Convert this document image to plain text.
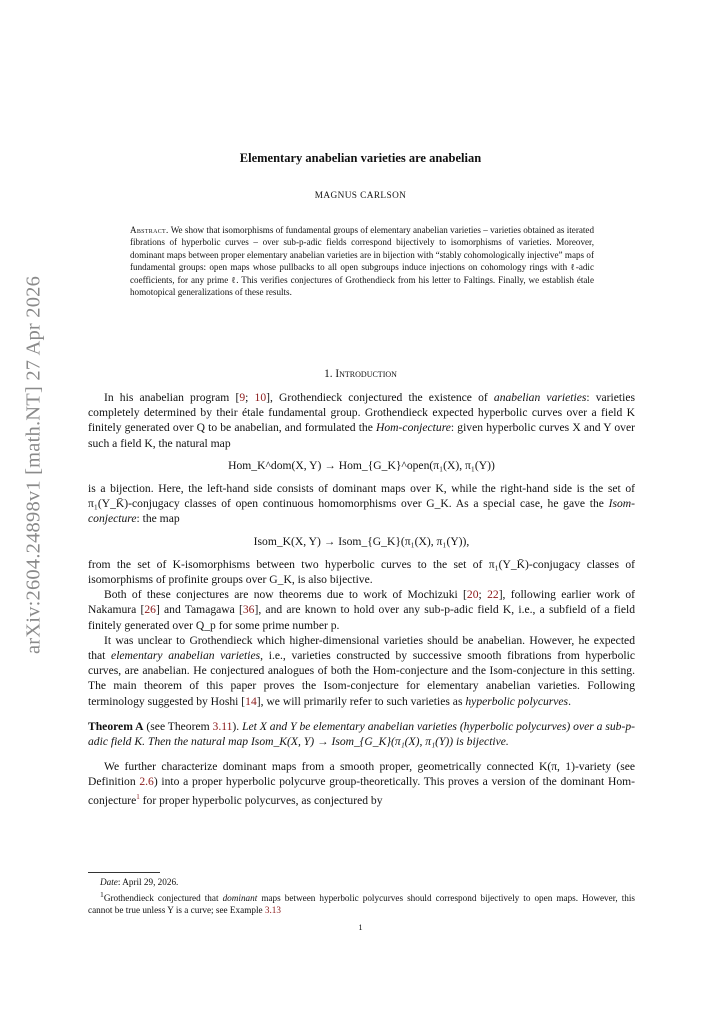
arXiv:2604.24898v1 [math.NT] 27 Apr 2026
Elementary anabelian varieties are anabelian
MAGNUS CARLSON
Abstract. We show that isomorphisms of fundamental groups of elementary anabelian varieties – varieties obtained as iterated fibrations of hyperbolic curves – over sub-p-adic fields correspond bijectively to isomorphisms of varieties. Moreover, dominant maps between proper elementary anabelian varieties are in bijection with “stably cohomologically injective” maps of fundamental groups: open maps whose pullbacks to all open subgroups induce injections on cohomology rings with ℓ-adic coefficients, for any prime ℓ. This verifies conjectures of Grothendieck from his letter to Faltings. Finally, we establish étale homotopical generalizations of these results.
1. Introduction

In his anabelian program [9; 10], Grothendieck conjectured the existence of anabelian varieties: varieties completely determined by their étale fundamental group. Grothendieck expected hyperbolic curves over a field K finitely generated over Q to be anabelian, and formulated the Hom-conjecture: given hyperbolic curves X and Y over such a field K, the natural map

Hom_K^dom(X, Y) → Hom_{G_K}^open(π₁(X), π₁(Y))

is a bijection. Here, the left-hand side consists of dominant maps over K, while the right-hand side is the set of π₁(Y_K̄)-conjugacy classes of open continuous homomorphisms over G_K. As a special case, he gave the Isom-conjecture: the map

Isom_K(X, Y) → Isom_{G_K}(π₁(X), π₁(Y)),

from the set of K-isomorphisms between two hyperbolic curves to the set of π₁(Y_K̄)-conjugacy classes of isomorphisms of profinite groups over G_K, is also bijective.

Both of these conjectures are now theorems due to work of Mochizuki [20; 22], following earlier work of Nakamura [26] and Tamagawa [36], and are known to hold over any sub-p-adic field K, i.e., a subfield of a field finitely generated over Q_p for some prime number p.

It was unclear to Grothendieck which higher-dimensional varieties should be anabelian. However, he expected that elementary anabelian varieties, i.e., varieties constructed by successive smooth fibrations from hyperbolic curves, are anabelian. He conjectured analogues of both the Hom-conjecture and the Isom-conjecture in this setting. The main theorem of this paper proves the Isom-conjecture for elementary anabelian varieties. Following terminology suggested by Hoshi [14], we will primarily refer to such varieties as hyperbolic polycurves.

Theorem A (see Theorem 3.11). Let X and Y be elementary anabelian varieties (hyperbolic polycurves) over a sub-p-adic field K. Then the natural map Isom_K(X, Y) → Isom_{G_K}(π₁(X), π₁(Y)) is bijective.

We further characterize dominant maps from a smooth proper, geometrically connected K(π, 1)-variety (see Definition 2.6) into a proper hyperbolic polycurve group-theoretically. This proves a version of the dominant Hom-conjecture$^1$ for proper hyperbolic polycurves, as conjectured by

Date: April 29, 2026.

$^1$Grothendieck conjectured that dominant maps between hyperbolic polycurves should correspond bijectively to open maps. However, this cannot be true unless Y is a curve; see Example 3.13

1
